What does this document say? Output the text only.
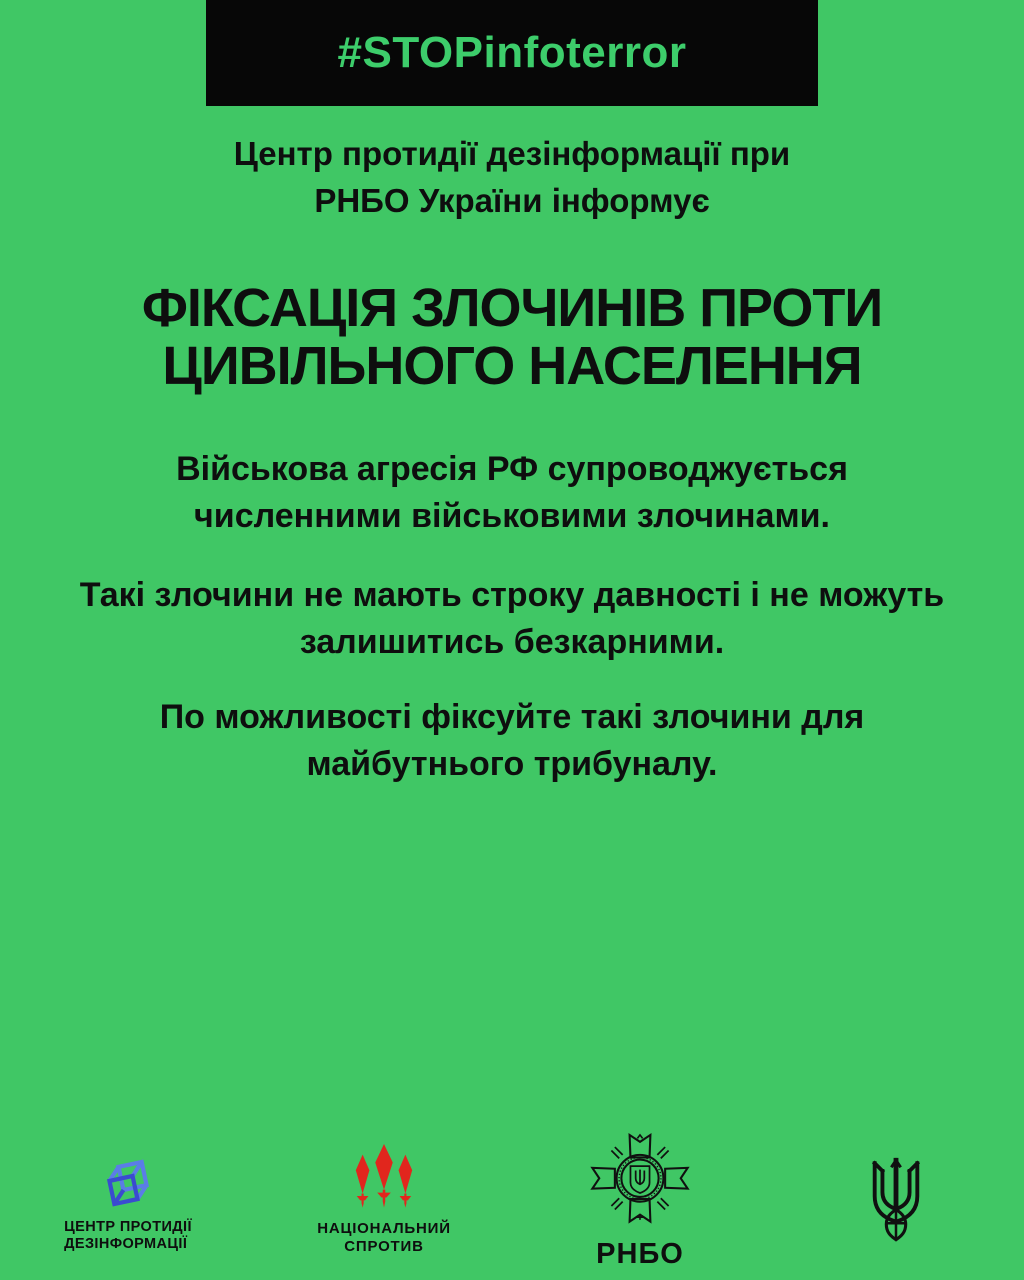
#STOPinfoterror
Центр протидії дезінформації при
РНБО України інформує
ФІКСАЦІЯ ЗЛОЧИНІВ ПРОТИ
ЦИВІЛЬНОГО НАСЕЛЕННЯ

Військова агресія РФ супроводжується
численними військовими злочинами.

Такі злочини не мають строку давності і не можуть
залишитись безкарними.

По можливості фіксуйте такі злочини для
майбутнього трибуналу.

ЦЕНТР ПРОТИДІЇ
ДЕЗІНФОРМАЦІЇ
НАЦІОНАЛЬНИЙ
СПРОТИВ	РНБО
